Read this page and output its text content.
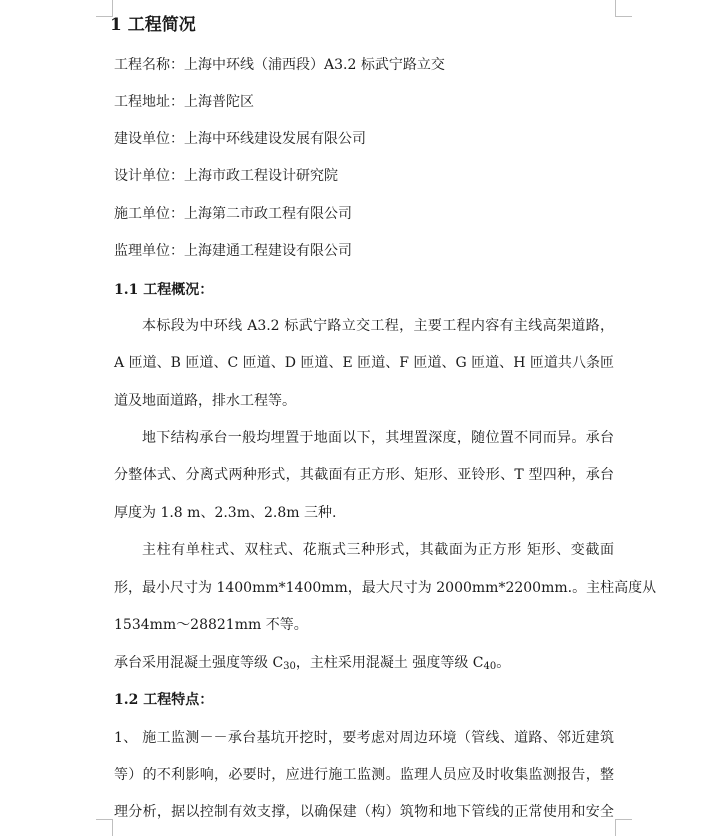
1 工程简况
工程名称：上海中环线（浦西段）A3.2 标武宁路立交
工程地址：上海普陀区
建设单位：上海中环线建设发展有限公司
设计单位：上海市政工程设计研究院
施工单位：上海第二市政工程有限公司
监理单位：上海建通工程建设有限公司
1.1 工程概况：
本标段为中环线 A3.2 标武宁路立交工程，主要工程内容有主线高架道路，
A 匝道、B 匝道、C 匝道、D 匝道、E 匝道、F 匝道、G 匝道、H 匝道共八条匝
道及地面道路，排水工程等。
地下结构承台一般均埋置于地面以下，其埋置深度，随位置不同而异。承台
分整体式、分离式两种形式，其截面有正方形、矩形、亚铃形、T 型四种，承台
厚度为 1.8 m、2.3m、2.8m 三种.
主柱有单柱式、双柱式、花瓶式三种形式，其截面为正方形 矩形、变截面
形，最小尺寸为 1400mm*1400mm，最大尺寸为 2000mm*2200mm.。主柱高度从
1534mm～28821mm 不等。
承台采用混凝土强度等级 $C_{30}$，主柱采用混凝土 强度等级 $C_{40}$。
1.2 工程特点：
1、 施工监测－－承台基坑开挖时，要考虑对周边环境（管线、道路、邻近建筑
等）的不利影响，必要时，应进行施工监测。监理人员应及时收集监测报告，整
理分析，据以控制有效支撑，以确保建（构）筑物和地下管线的正常使用和安全
